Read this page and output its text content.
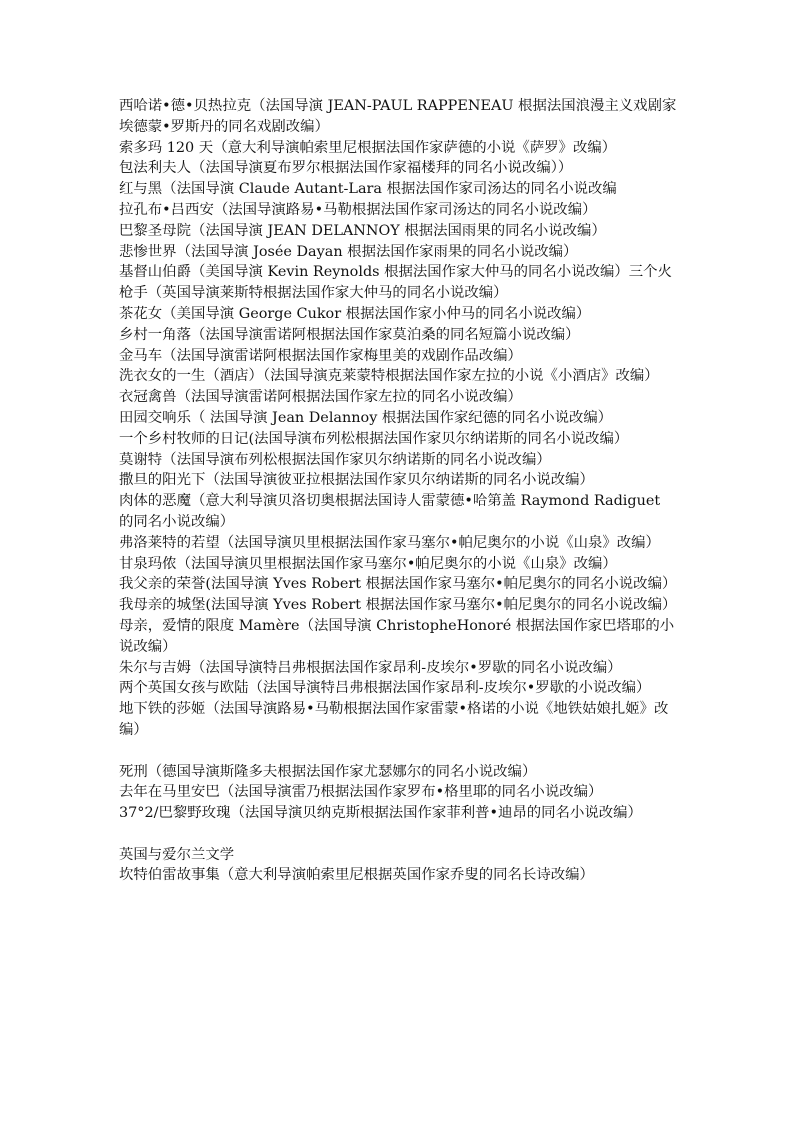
西哈诺•德•贝热拉克（法国导演 JEAN-PAUL RAPPENEAU 根据法国浪漫主义戏剧家埃德蒙•罗斯丹的同名戏剧改编）

索多玛 120 天（意大利导演帕索里尼根据法国作家萨德的小说《萨罗》改编）

包法利夫人（法国导演夏布罗尔根据法国作家福楼拜的同名小说改编））

红与黑（法国导演 Claude Autant-Lara 根据法国作家司汤达的同名小说改编

拉孔布•吕西安（法国导演路易•马勒根据法国作家司汤达的同名小说改编）

巴黎圣母院（法国导演 JEAN DELANNOY 根据法国雨果的同名小说改编）

悲惨世界（法国导演 Josée Dayan 根据法国作家雨果的同名小说改编）

基督山伯爵（美国导演 Kevin Reynolds 根据法国作家大仲马的同名小说改编）三个火枪手（英国导演莱斯特根据法国作家大仲马的同名小说改编）

茶花女（美国导演 George Cukor 根据法国作家小仲马的同名小说改编）

乡村一角落（法国导演雷诺阿根据法国作家莫泊桑的同名短篇小说改编）

金马车（法国导演雷诺阿根据法国作家梅里美的戏剧作品改编）

洗衣女的一生（酒店）（法国导演克莱蒙特根据法国作家左拉的小说《小酒店》改编）

衣冠禽兽（法国导演雷诺阿根据法国作家左拉的同名小说改编）

田园交响乐（ 法国导演 Jean Delannoy 根据法国作家纪德的同名小说改编）

一个乡村牧师的日记(法国导演布列松根据法国作家贝尔纳诺斯的同名小说改编）

莫谢特（法国导演布列松根据法国作家贝尔纳诺斯的同名小说改编）

撒旦的阳光下（法国导演彼亚拉根据法国作家贝尔纳诺斯的同名小说改编）

肉体的恶魔（意大利导演贝洛切奥根据法国诗人雷蒙德•哈第盖 Raymond Radiguet 的同名小说改编）

弗洛莱特的若望（法国导演贝里根据法国作家马塞尔•帕尼奥尔的小说《山泉》改编）

甘泉玛侬（法国导演贝里根据法国作家马塞尔•帕尼奥尔的小说《山泉》改编）

我父亲的荣誉(法国导演 Yves Robert 根据法国作家马塞尔•帕尼奥尔的同名小说改编）

我母亲的城堡(法国导演 Yves Robert 根据法国作家马塞尔•帕尼奥尔的同名小说改编）

母亲，爱情的限度 Mamère（法国导演 ChristopheHonoré 根据法国作家巴塔耶的小说改编）

朱尔与吉姆（法国导演特吕弗根据法国作家昂利-皮埃尔•罗歇的同名小说改编）

两个英国女孩与欧陆（法国导演特吕弗根据法国作家昂利-皮埃尔•罗歇的小说改编）

地下铁的莎姬（法国导演路易•马勒根据法国作家雷蒙•格诺的小说《地铁姑娘扎姬》改编）

死刑（德国导演斯隆多夫根据法国作家尤瑟娜尔的同名小说改编）

去年在马里安巴（法国导演雷乃根据法国作家罗布•格里耶的同名小说改编）

37°2/巴黎野玫瑰（法国导演贝纳克斯根据法国作家菲利普•迪昂的同名小说改编）

英国与爱尔兰文学

坎特伯雷故事集（意大利导演帕索里尼根据英国作家乔叟的同名长诗改编）
